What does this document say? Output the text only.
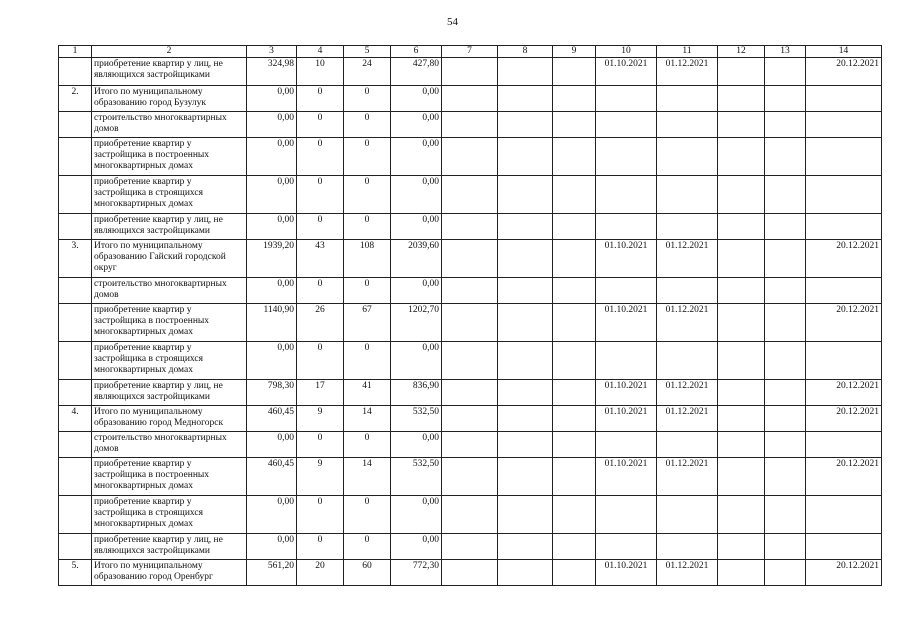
54
1	2	3	4	5	6	7	8	9	10	11	12	13	14
	приобретение квартир у лиц, не являющихся застройщиками	324,98	10	24	427,80				01.10.2021	01.12.2021			20.12.2021
2.	Итого по муниципальному образованию город Бузулук	0,00	0	0	0,00								
	строительство многоквартирных домов	0,00	0	0	0,00								
	приобретение квартир у застройщика в построенных многоквартирных домах	0,00	0	0	0,00								
	приобретение квартир у застройщика в строящихся многоквартирных домах	0,00	0	0	0,00								
	приобретение квартир у лиц, не являющихся застройщиками	0,00	0	0	0,00								
3.	Итого по муниципальному образованию Гайский городской округ	1939,20	43	108	2039,60				01.10.2021	01.12.2021			20.12.2021
	строительство многоквартирных домов	0,00	0	0	0,00								
	приобретение квартир у застройщика в построенных многоквартирных домах	1140,90	26	67	1202,70				01.10.2021	01.12.2021			20.12.2021
	приобретение квартир у застройщика в строящихся многоквартирных домах	0,00	0	0	0,00								
	приобретение квартир у лиц, не являющихся застройщиками	798,30	17	41	836,90				01.10.2021	01.12.2021			20.12.2021
4.	Итого по муниципальному образованию город Медногорск	460,45	9	14	532,50				01.10.2021	01.12.2021			20.12.2021
	строительство многоквартирных домов	0,00	0	0	0,00								
	приобретение квартир у застройщика в построенных многоквартирных домах	460,45	9	14	532,50				01.10.2021	01.12.2021			20.12.2021
	приобретение квартир у застройщика в строящихся многоквартирных домах	0,00	0	0	0,00								
	приобретение квартир у лиц, не являющихся застройщиками	0,00	0	0	0,00								
5.	Итого по муниципальному образованию город Оренбург	561,20	20	60	772,30				01.10.2021	01.12.2021			20.12.2021
